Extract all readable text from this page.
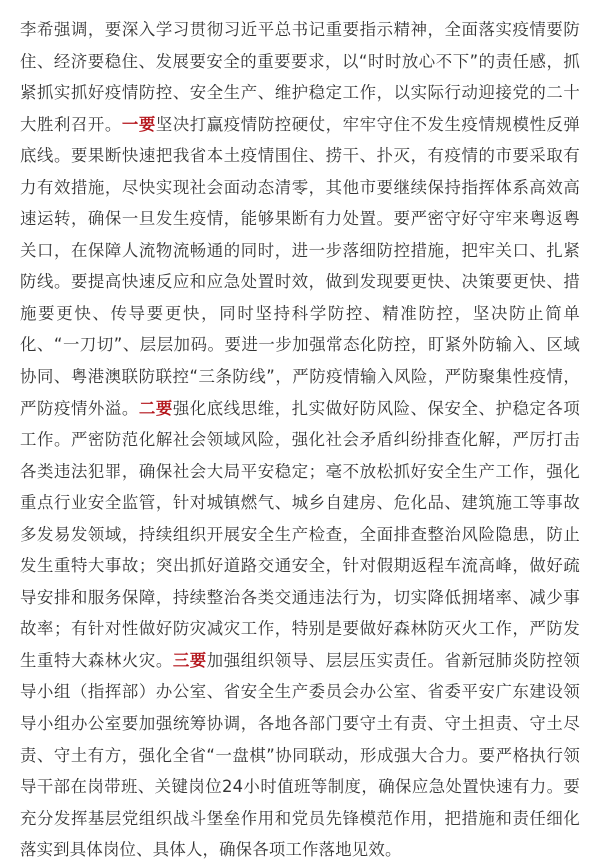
李希强调，要深入学习贯彻习近平总书记重要指示精神，全面落实疫情要防住、经济要稳住、发展要安全的重要要求，以“时时放心不下”的责任感，抓紧抓实抓好疫情防控、安全生产、维护稳定工作，以实际行动迎接党的二十大胜利召开。一要坚决打赢疫情防控硬仗，牢牢守住不发生疫情规模性反弹底线。要果断快速把我省本土疫情围住、捞干、扑灭，有疫情的市要采取有力有效措施，尽快实现社会面动态清零，其他市要继续保持指挥体系高效高速运转，确保一旦发生疫情，能够果断有力处置。要严密守好守牢来粤返粤关口，在保障人流物流畅通的同时，进一步落细防控措施，把牢关口、扎紧防线。要提高快速反应和应急处置时效，做到发现要更快、决策要更快、措施要更快、传导要更快，同时坚持科学防控、精准防控，坚决防止简单化、“一刀切”、层层加码。要进一步加强常态化防控，盯紧外防输入、区域协同、粤港澳联防联控“三条防线”，严防疫情输入风险，严防聚集性疫情，严防疫情外溢。二要强化底线思维，扎实做好防风险、保安全、护稳定各项工作。严密防范化解社会领域风险，强化社会矛盾纠纷排查化解，严厉打击各类违法犯罪，确保社会大局平安稳定；毫不放松抓好安全生产工作，强化重点行业安全监管，针对城镇燃气、城乡自建房、危化品、建筑施工等事故多发易发领域，持续组织开展安全生产检查，全面排查整治风险隐患，防止发生重特大事故；突出抓好道路交通安全，针对假期返程车流高峰，做好疏导安排和服务保障，持续整治各类交通违法行为，切实降低拥堵率、减少事故率；有针对性做好防灾减灾工作，特别是要做好森林防灭火工作，严防发生重特大森林火灾。三要加强组织领导、层层压实责任。省新冠肺炎防控领导小组（指挥部）办公室、省安全生产委员会办公室、省委平安广东建设领导小组办公室要加强统筹协调，各地各部门要守土有责、守土担责、守土尽责、守土有方，强化全省“一盘棋”协同联动，形成强大合力。要严格执行领导干部在岗带班、关键岗位24小时值班等制度，确保应急处置快速有力。要充分发挥基层党组织战斗堡垒作用和党员先锋模范作用，把措施和责任细化落实到具体岗位、具体人，确保各项工作落地见效。
